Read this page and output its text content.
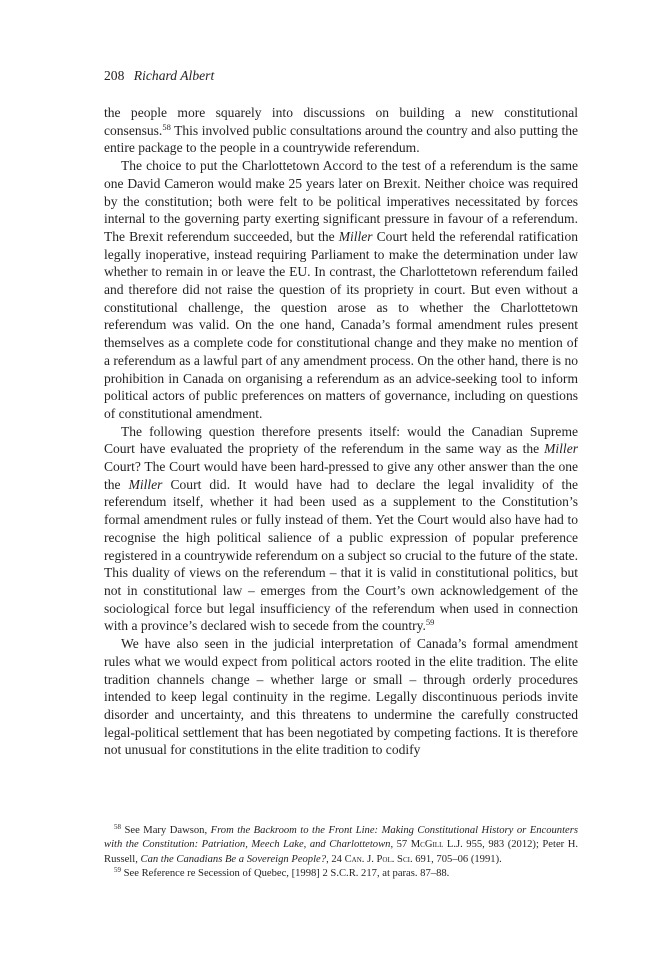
208 Richard Albert

the people more squarely into discussions on building a new constitutional consensus.$^{58}$ This involved public consultations around the country and also putting the entire package to the people in a countrywide referendum.

The choice to put the Charlottetown Accord to the test of a referendum is the same one David Cameron would make 25 years later on Brexit. Neither choice was required by the constitution; both were felt to be political imperatives necessitated by forces internal to the governing party exerting significant pressure in favour of a referendum. The Brexit referendum succeeded, but the Miller Court held the referendal ratification legally inoperative, instead requiring Parliament to make the determination under law whether to remain in or leave the EU. In contrast, the Charlottetown referendum failed and therefore did not raise the question of its propriety in court. But even without a constitutional challenge, the question arose as to whether the Charlottetown referendum was valid. On the one hand, Canada’s formal amendment rules present themselves as a complete code for constitutional change and they make no mention of a referendum as a lawful part of any amendment process. On the other hand, there is no prohibition in Canada on organising a referendum as an advice-seeking tool to inform political actors of public preferences on matters of governance, including on questions of constitutional amendment.

The following question therefore presents itself: would the Canadian Supreme Court have evaluated the propriety of the referendum in the same way as the Miller Court? The Court would have been hard-pressed to give any other answer than the one the Miller Court did. It would have had to declare the legal invalidity of the referendum itself, whether it had been used as a supplement to the Constitution’s formal amendment rules or fully instead of them. Yet the Court would also have had to recognise the high political salience of a public expression of popular preference registered in a countrywide referendum on a subject so crucial to the future of the state. This duality of views on the referendum – that it is valid in constitutional politics, but not in constitutional law – emerges from the Court’s own acknowledgement of the sociological force but legal insufficiency of the referendum when used in connection with a province’s declared wish to secede from the country.$^{59}$

We have also seen in the judicial interpretation of Canada’s formal amendment rules what we would expect from political actors rooted in the elite tradition. The elite tradition channels change – whether large or small – through orderly procedures intended to keep legal continuity in the regime. Legally discontinuous periods invite disorder and uncertainty, and this threatens to undermine the carefully constructed legal-political settlement that has been negotiated by competing factions. It is therefore not unusual for constitutions in the elite tradition to codify

$^{58}$ See Mary Dawson, From the Backroom to the Front Line: Making Constitutional History or Encounters with the Constitution: Patriation, Meech Lake, and Charlottetown, 57 McGill L.J. 955, 983 (2012); Peter H. Russell, Can the Canadians Be a Sovereign People?, 24 Can. J. Pol. Sci. 691, 705–06 (1991).

$^{59}$ See Reference re Secession of Quebec, [1998] 2 S.C.R. 217, at paras. 87–88.
